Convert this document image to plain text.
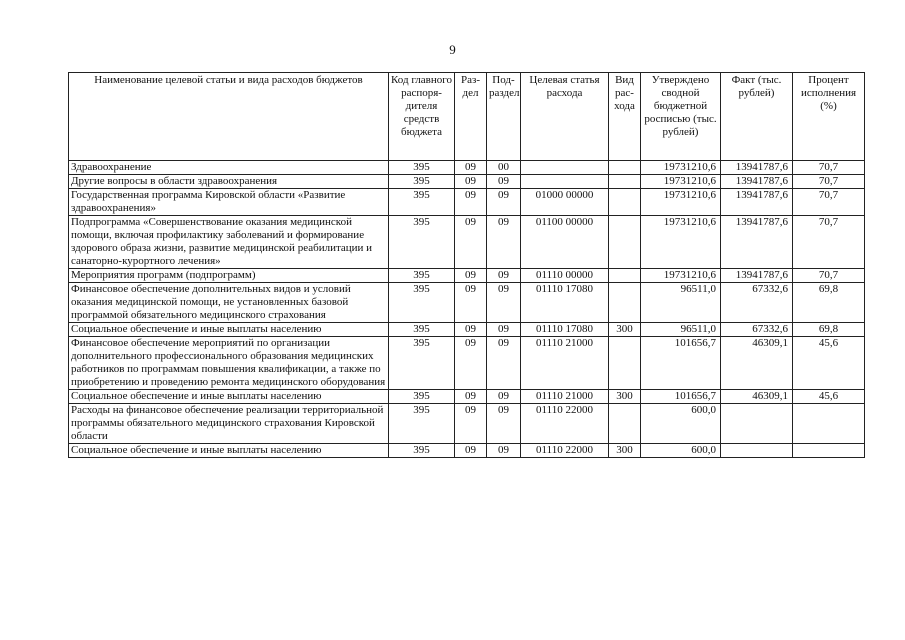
9
Наименование целевой статьи и вида расходов бюджетов	Код главного распоря-дителя средств бюджета	Раз-дел	Под-раздел	Целевая статья расхода	Вид рас-хода	Утверждено сводной бюджетной росписью (тыс. рублей)	Факт (тыс. рублей)	Процент исполнения (%)
Здравоохранение	395	09	00			19731210,6	13941787,6	70,7
Другие вопросы в области здравоохранения	395	09	09			19731210,6	13941787,6	70,7
Государственная программа Кировской области «Развитие здравоохранения»	395	09	09	01000 00000		19731210,6	13941787,6	70,7
Подпрограмма «Совершенствование оказания медицинской помощи, включая профилактику заболеваний и формирование здорового образа жизни, развитие медицинской реабилитации и санаторно-курортного лечения»	395	09	09	01100 00000		19731210,6	13941787,6	70,7
Мероприятия программ (подпрограмм)	395	09	09	01110 00000		19731210,6	13941787,6	70,7
Финансовое обеспечение дополнительных видов и условий оказания медицинской помощи, не установленных базовой программой обязательного медицинского страхования	395	09	09	01110 17080		96511,0	67332,6	69,8
Социальное обеспечение и иные выплаты населению	395	09	09	01110 17080	300	96511,0	67332,6	69,8
Финансовое обеспечение мероприятий по организации дополнительного профессионального образования медицинских работников по программам повышения квалификации, а также по приобретению и проведению ремонта медицинского оборудования	395	09	09	01110 21000		101656,7	46309,1	45,6
Социальное обеспечение и иные выплаты населению	395	09	09	01110 21000	300	101656,7	46309,1	45,6
Расходы на финансовое обеспечение реализации территориальной программы обязательного медицинского страхования Кировской области	395	09	09	01110 22000		600,0		
Социальное обеспечение и иные выплаты населению	395	09	09	01110 22000	300	600,0		
